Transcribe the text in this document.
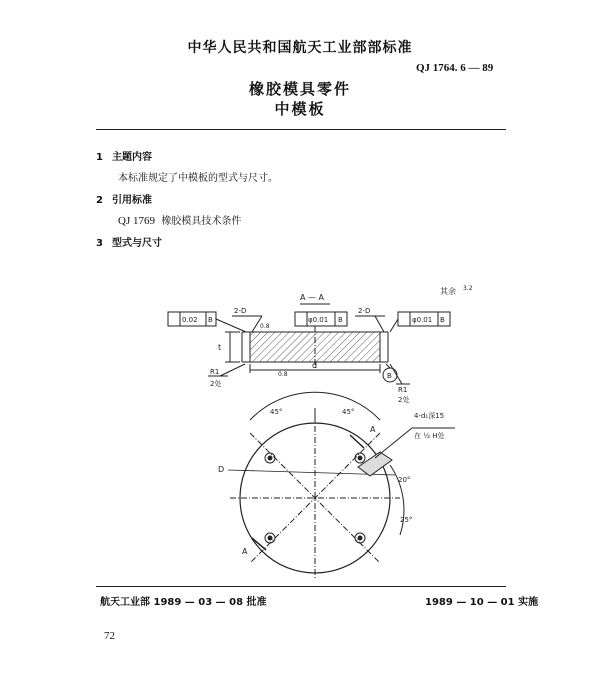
中华人民共和国航天工业部部标准
QJ 1764. 6 — 89
橡胶模具零件
中模板
1 主题内容
本标准规定了中模板的型式与尺寸。
2 引用标准
QJ 1769 橡胶模具技术条件
3 型式与尺寸
A — A
其余 3.2
0.02 B	φ0.01 B	φ0.01 B
2-D	2-D
t
d
0.8
0.8
R1
2处
R1
2处
B
45°	45°
20°
25°
4-d₁深15
在 ½ H处
D
A
A
航天工业部 1989 — 03 — 08 批准	1989 — 10 — 01 实施
72
